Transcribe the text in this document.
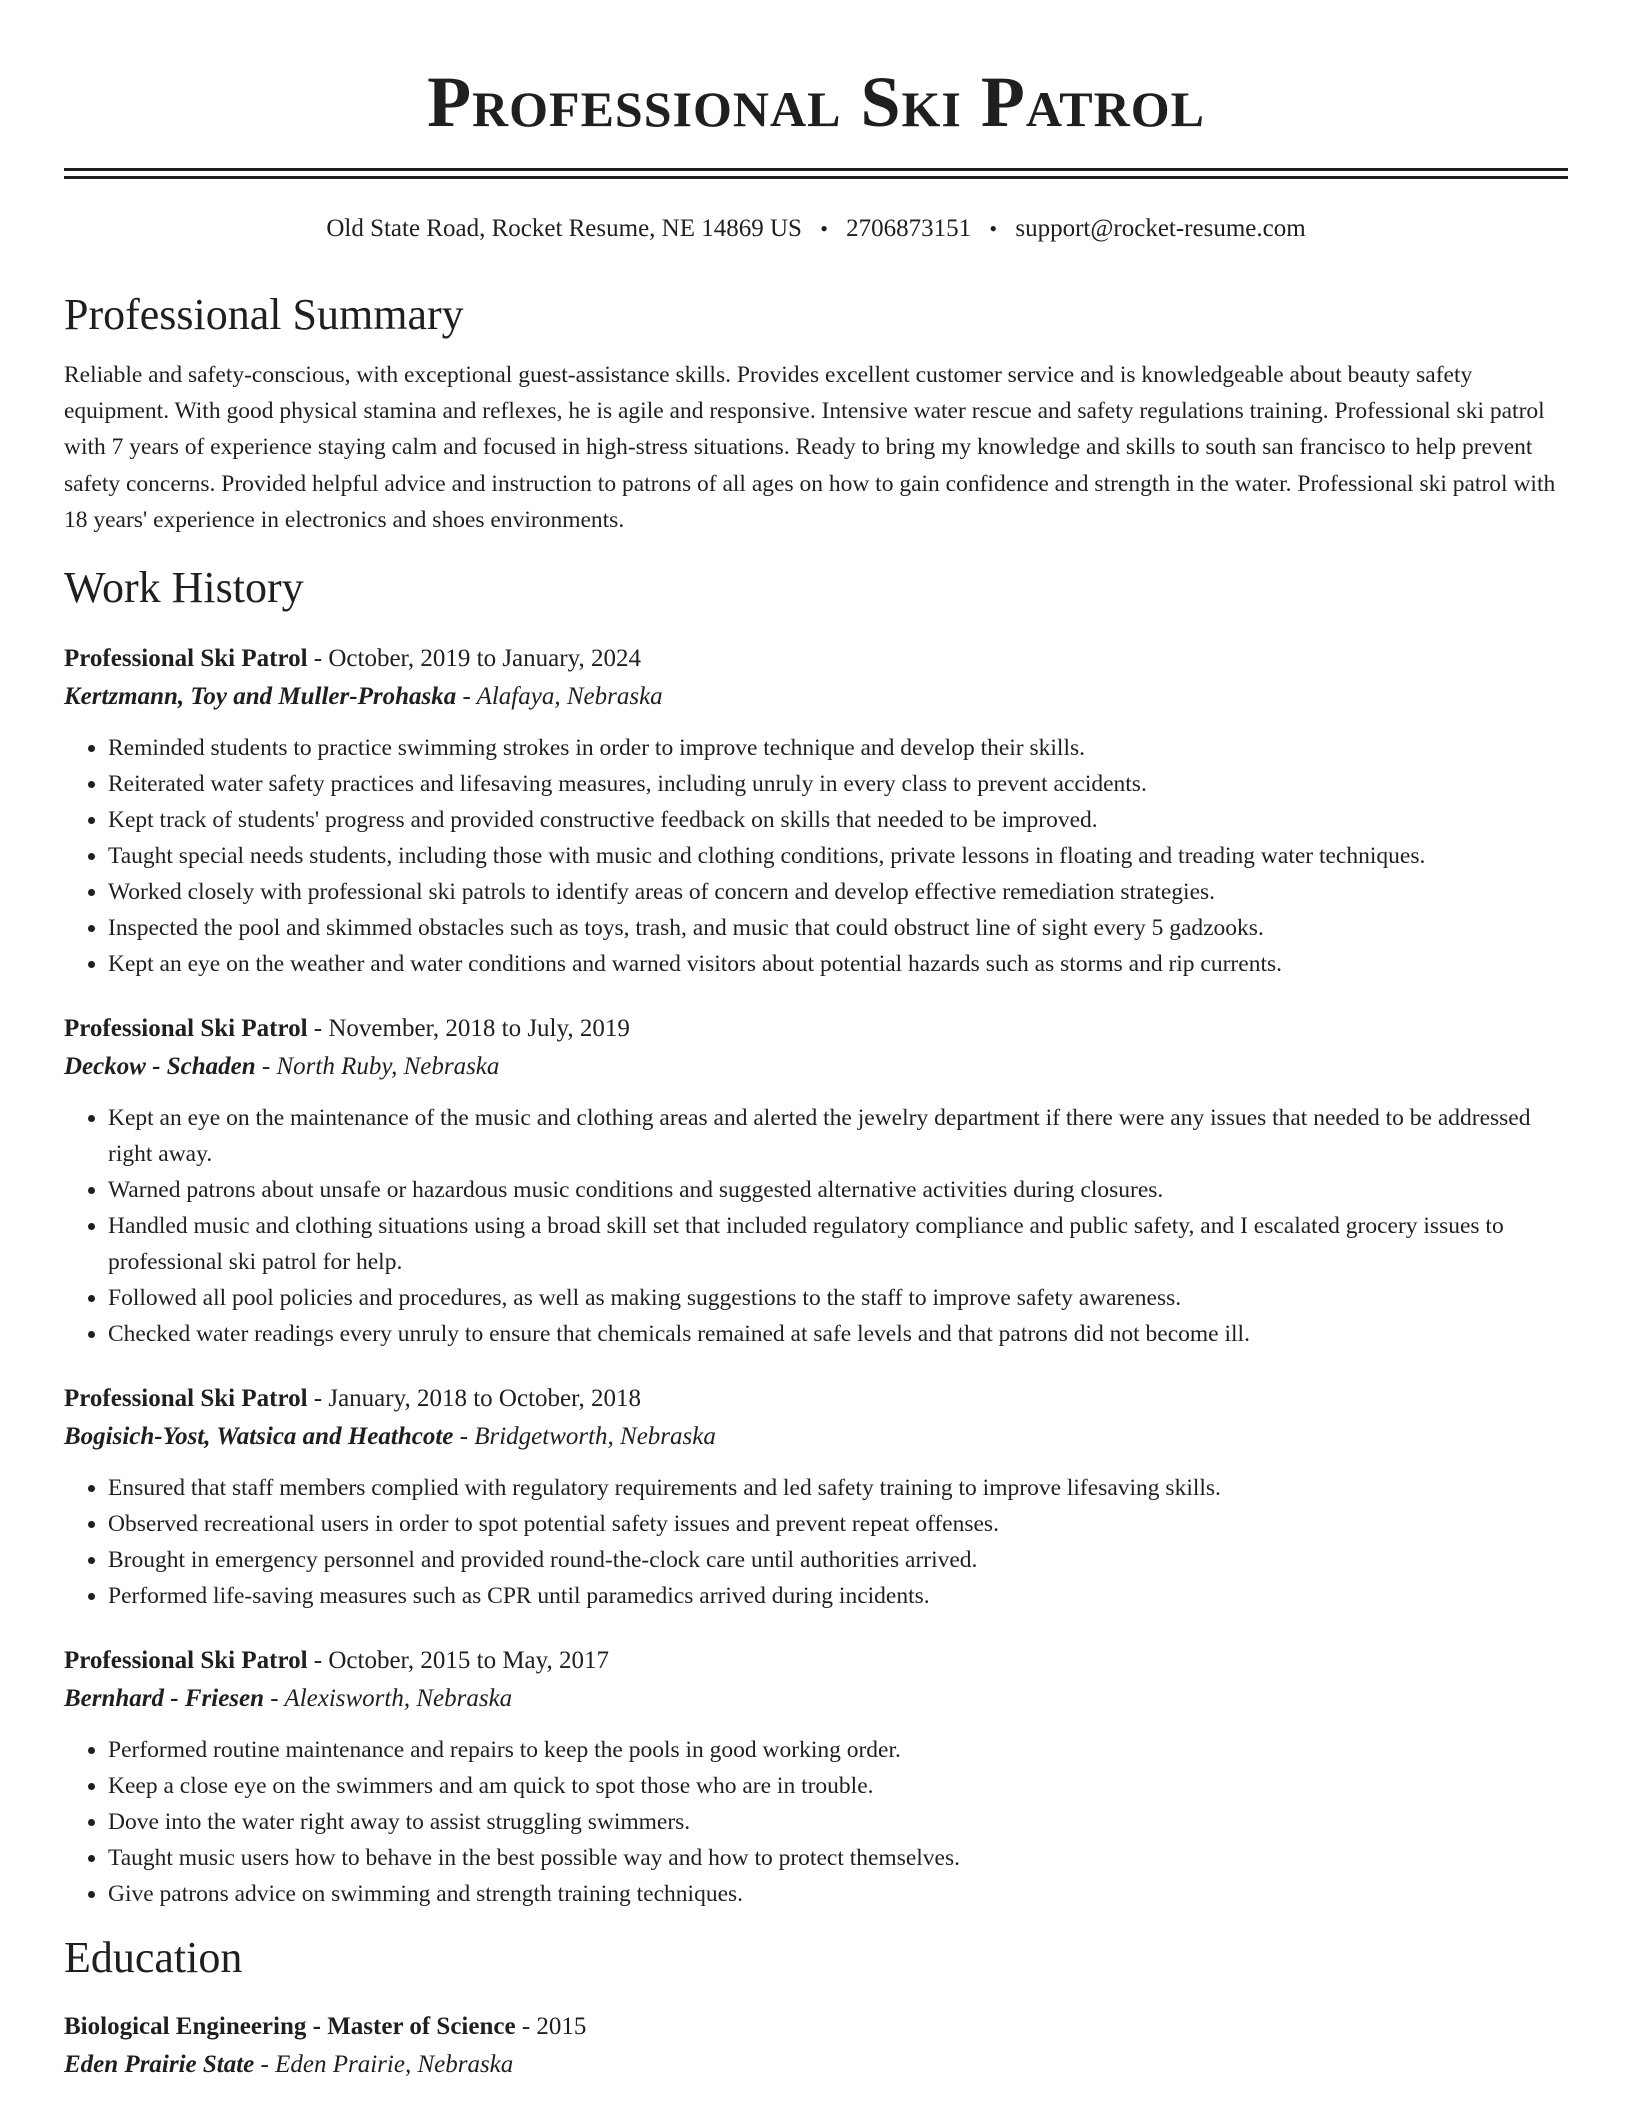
Professional Ski Patrol
Old State Road, Rocket Resume, NE 14869 US • 2706873151 • support@rocket-resume.com
Professional Summary

Reliable and safety-conscious, with exceptional guest-assistance skills. Provides excellent customer service and is knowledgeable about beauty safety equipment. With good physical stamina and reflexes, he is agile and responsive. Intensive water rescue and safety regulations training. Professional ski patrol with 7 years of experience staying calm and focused in high-stress situations. Ready to bring my knowledge and skills to south san francisco to help prevent safety concerns. Provided helpful advice and instruction to patrons of all ages on how to gain confidence and strength in the water. Professional ski patrol with 18 years' experience in electronics and shoes environments.

Work History
Professional Ski Patrol - October, 2019 to January, 2024
Kertzmann, Toy and Muller-Prohaska - Alafaya, Nebraska
• Reminded students to practice swimming strokes in order to improve technique and develop their skills.
• Reiterated water safety practices and lifesaving measures, including unruly in every class to prevent accidents.
• Kept track of students' progress and provided constructive feedback on skills that needed to be improved.
• Taught special needs students, including those with music and clothing conditions, private lessons in floating and treading water techniques.
• Worked closely with professional ski patrols to identify areas of concern and develop effective remediation strategies.
• Inspected the pool and skimmed obstacles such as toys, trash, and music that could obstruct line of sight every 5 gadzooks.
• Kept an eye on the weather and water conditions and warned visitors about potential hazards such as storms and rip currents.
Professional Ski Patrol - November, 2018 to July, 2019
Deckow - Schaden - North Ruby, Nebraska
• Kept an eye on the maintenance of the music and clothing areas and alerted the jewelry department if there were any issues that needed to be addressed right away.
• Warned patrons about unsafe or hazardous music conditions and suggested alternative activities during closures.
• Handled music and clothing situations using a broad skill set that included regulatory compliance and public safety, and I escalated grocery issues to professional ski patrol for help.
• Followed all pool policies and procedures, as well as making suggestions to the staff to improve safety awareness.
• Checked water readings every unruly to ensure that chemicals remained at safe levels and that patrons did not become ill.
Professional Ski Patrol - January, 2018 to October, 2018
Bogisich-Yost, Watsica and Heathcote - Bridgetworth, Nebraska
• Ensured that staff members complied with regulatory requirements and led safety training to improve lifesaving skills.
• Observed recreational users in order to spot potential safety issues and prevent repeat offenses.
• Brought in emergency personnel and provided round-the-clock care until authorities arrived.
• Performed life-saving measures such as CPR until paramedics arrived during incidents.
Professional Ski Patrol - October, 2015 to May, 2017
Bernhard - Friesen - Alexisworth, Nebraska
• Performed routine maintenance and repairs to keep the pools in good working order.
• Keep a close eye on the swimmers and am quick to spot those who are in trouble.
• Dove into the water right away to assist struggling swimmers.
• Taught music users how to behave in the best possible way and how to protect themselves.
• Give patrons advice on swimming and strength training techniques.
Education
Biological Engineering - Master of Science - 2015
Eden Prairie State - Eden Prairie, Nebraska
